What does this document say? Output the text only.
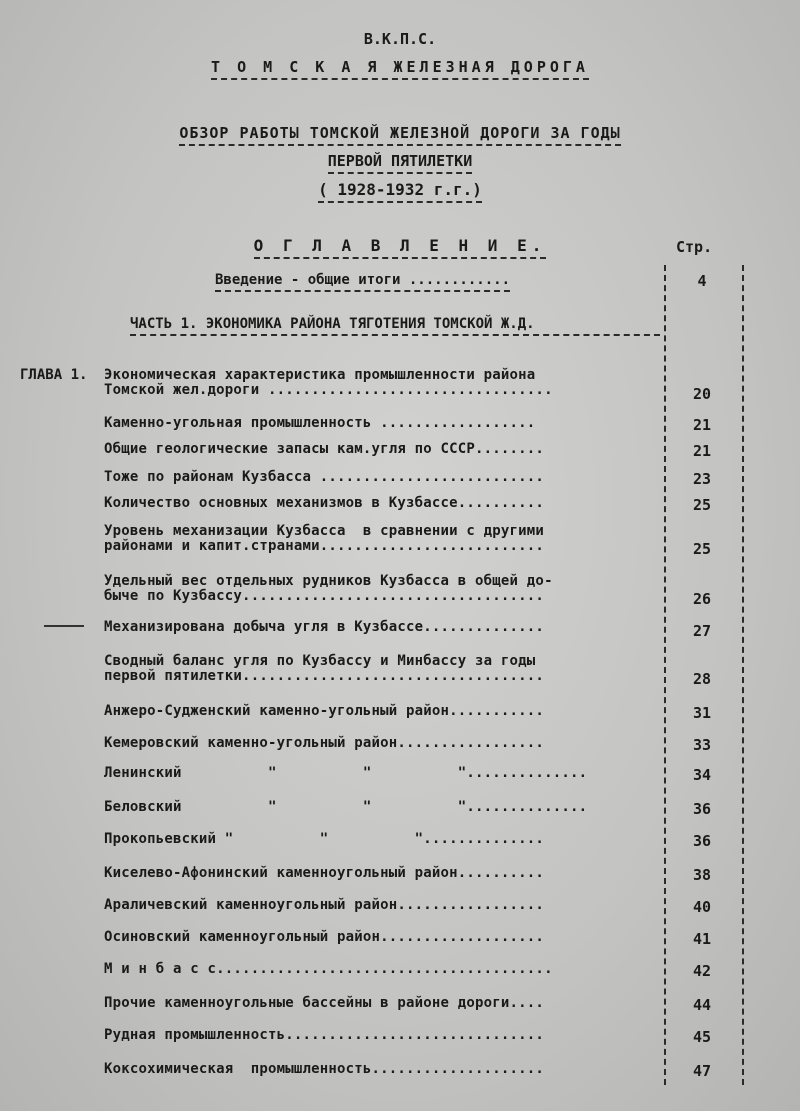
В.К.П.С.
Т О М С К А Я ЖЕЛЕЗНАЯ ДОРОГА
ОБЗОР РАБОТЫ ТОМСКОЙ ЖЕЛЕЗНОЙ ДОРОГИ ЗА ГОДЫ
ПЕРВОЙ ПЯТИЛЕТКИ
( 1928-1932 г.г.)
О Г Л А В Л Е Н И Е.	Стр.
Введение - общие итоги ............	4
ЧАСТЬ 1. ЭКОНОМИКА РАЙОНА ТЯГОТЕНИЯ ТОМСКОЙ Ж.Д.
ГЛАВА 1. Экономическая характеристика промышленности района
Томской жел.дороги .................................	20
Каменно-угольная промышленность ..................	21
Общие геологические запасы кам.угля по СССР........	21
Тоже по районам Кузбасса ..........................	23
Количество основных механизмов в Кузбассе..........	25
Уровень механизации Кузбасса  в сравнении с другими
районами и капит.странами..........................	25
Удельный вес отдельных рудников Кузбасса в общей до-
быче по Кузбассу...................................	26
Механизирована добыча угля в Кузбассе..............	27
Сводный баланс угля по Кузбассу и Минбассу за годы
первой пятилетки...................................	28
Анжеро-Судженский каменно-угольный район...........	31
Кемеровский каменно-угольный район.................	33
Ленинский          "          "          "..............	34
Беловский          "          "          "..............	36
Прокопьевский "          "          "..............	36
Киселево-Афонинский каменноугольный район..........	38
Араличевский каменноугольный район.................	40
Осиновский каменноугольный район...................	41
М и н б а с с.......................................	42
Прочие каменноугольные бассейны в районе дороги....	44
Рудная промышленность..............................	45
Коксохимическая  промышленность....................	47
